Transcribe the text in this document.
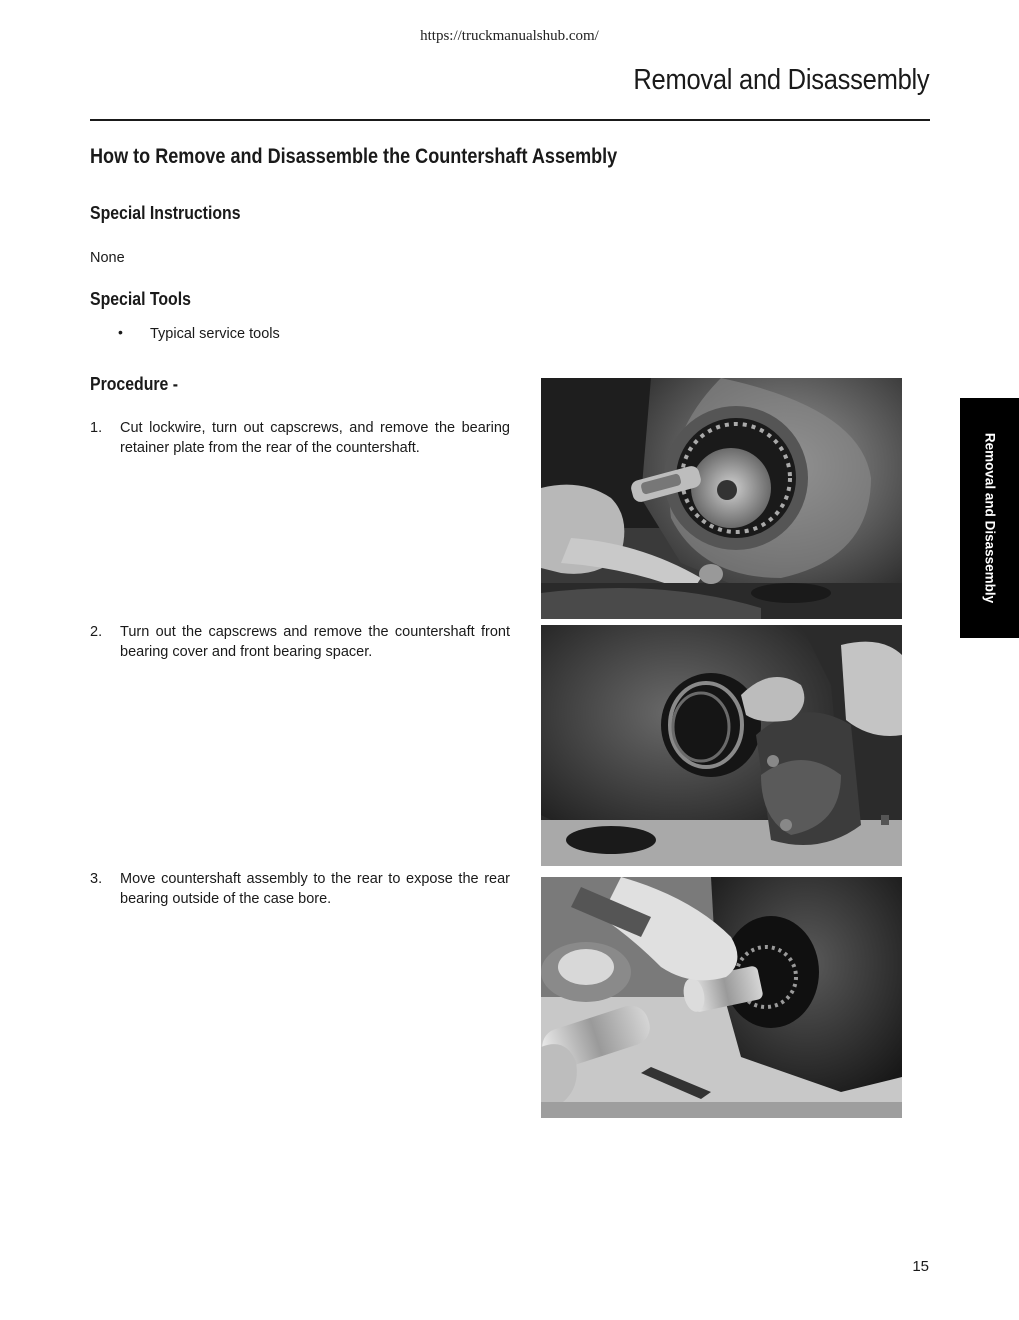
https://truckmanualshub.com/
Removal and Disassembly
How to Remove and Disassemble the Countershaft Assembly
Special Instructions
None
Special Tools
• Typical service tools
Procedure -
1. Cut lockwire, turn out capscrews, and remove the bearing retainer plate from the rear of the countershaft.
2. Turn out the capscrews and remove the countershaft front bearing cover and front bearing spacer.
3. Move countershaft assembly to the rear to expose the rear bearing outside of the case bore.
Removal and Disassembly
15
